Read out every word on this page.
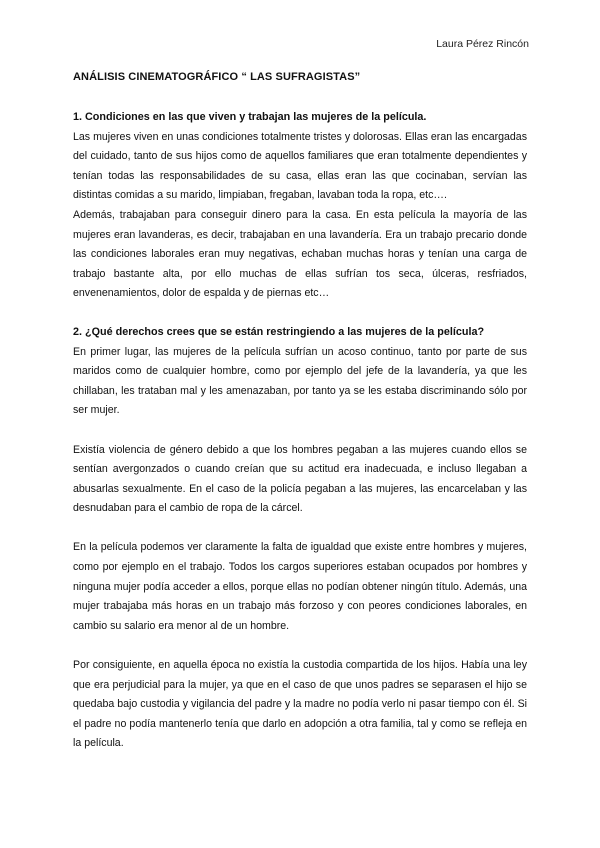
Laura Pérez Rincón
ANÁLISIS CINEMATOGRÁFICO “ LAS SUFRAGISTAS”

1. Condiciones en las que viven y trabajan las mujeres de la película.

Las mujeres viven en unas condiciones totalmente tristes y dolorosas. Ellas eran las encargadas del cuidado, tanto de sus hijos como de aquellos familiares que eran totalmente dependientes y tenían todas las responsabilidades de su casa, ellas eran las que cocinaban, servían las distintas comidas a su marido, limpiaban, fregaban, lavaban toda la ropa, etc….

Además, trabajaban para conseguir dinero para la casa. En esta película la mayoría de las mujeres eran lavanderas, es decir, trabajaban en una lavandería. Era un trabajo precario donde las condiciones laborales eran muy negativas, echaban muchas horas y tenían una carga de trabajo bastante alta, por ello muchas de ellas sufrían tos seca, úlceras, resfriados, envenenamientos, dolor de espalda y de piernas etc…

2. ¿Qué derechos crees que se están restringiendo a las mujeres de la película?

En primer lugar, las mujeres de la película sufrían un acoso continuo, tanto por parte de sus maridos como de cualquier hombre, como por ejemplo del jefe de la lavandería, ya que les chillaban, les trataban mal y les amenazaban, por tanto ya se les estaba discriminando sólo por ser mujer.

Existía violencia de género debido a que los hombres pegaban a las mujeres cuando ellos se sentían avergonzados o cuando creían que su actitud era inadecuada, e incluso llegaban a abusarlas sexualmente. En el caso de la policía pegaban a las mujeres, las encarcelaban y las desnudaban para el cambio de ropa de la cárcel.

En la película podemos ver claramente la falta de igualdad que existe entre hombres y mujeres, como por ejemplo en el trabajo. Todos los cargos superiores estaban ocupados por hombres y ninguna mujer podía acceder a ellos, porque ellas no podían obtener ningún título. Además, una mujer trabajaba más horas en un trabajo más forzoso y con peores condiciones laborales, en cambio su salario era menor al de un hombre.

Por consiguiente, en aquella época no existía la custodia compartida de los hijos. Había una ley que era perjudicial para la mujer, ya que en el caso de que unos padres se separasen el hijo se quedaba bajo custodia y vigilancia del padre y la madre no podía verlo ni pasar tiempo con él. Si el padre no podía mantenerlo tenía que darlo en adopción a otra familia, tal y como se refleja en la película.
